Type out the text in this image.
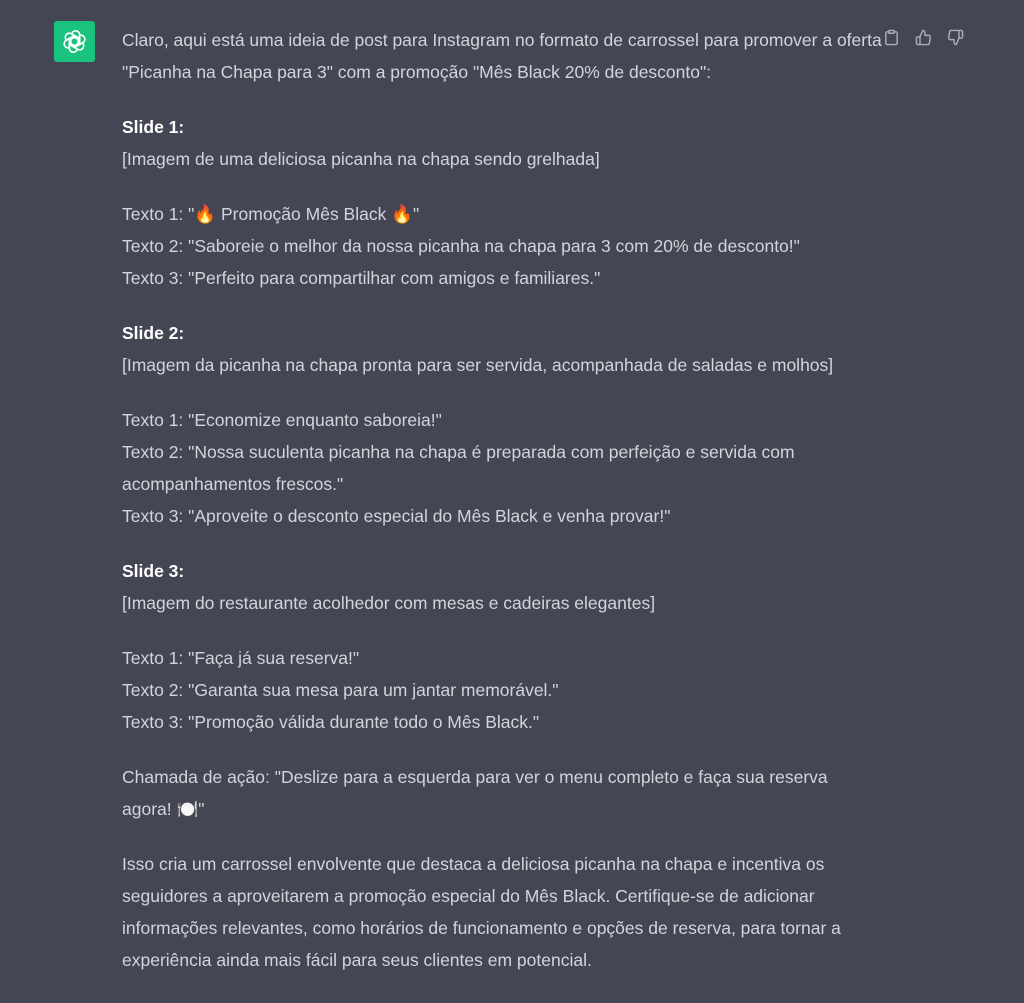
Claro, aqui está uma ideia de post para Instagram no formato de carrossel para promover a oferta "Picanha na Chapa para 3" com a promoção "Mês Black 20% de desconto":

Slide 1:
[Imagem de uma deliciosa picanha na chapa sendo grelhada]

Texto 1: "🔥 Promoção Mês Black 🔥"
Texto 2: "Saboreie o melhor da nossa picanha na chapa para 3 com 20% de desconto!"
Texto 3: "Perfeito para compartilhar com amigos e familiares."

Slide 2:
[Imagem da picanha na chapa pronta para ser servida, acompanhada de saladas e molhos]

Texto 1: "Economize enquanto saboreia!"
Texto 2: "Nossa suculenta picanha na chapa é preparada com perfeição e servida com acompanhamentos frescos."
Texto 3: "Aproveite o desconto especial do Mês Black e venha provar!"

Slide 3:
[Imagem do restaurante acolhedor com mesas e cadeiras elegantes]

Texto 1: "Faça já sua reserva!"
Texto 2: "Garanta sua mesa para um jantar memorável."
Texto 3: "Promoção válida durante todo o Mês Black."

Chamada de ação: "Deslize para a esquerda para ver o menu completo e faça sua reserva agora! 🍽️"

Isso cria um carrossel envolvente que destaca a deliciosa picanha na chapa e incentiva os seguidores a aproveitarem a promoção especial do Mês Black. Certifique-se de adicionar informações relevantes, como horários de funcionamento e opções de reserva, para tornar a experiência ainda mais fácil para seus clientes em potencial.
